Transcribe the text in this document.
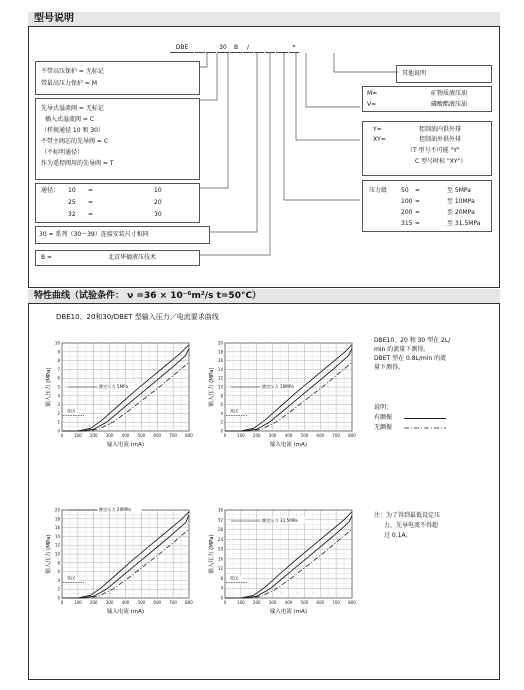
型号说明
DBE	30	B	/	*
不带高压保护 = 无标记
带最高压力保护 = M
先导式溢流阀 = 无标记
插入式溢流阀 = C
（样规通径 10 和 30）
不带主阀芯的先导阀 = C
（不标明通径）
作为遥控阀用的先导阀 = T
通径： 10 =	10
25 =	20
32 =	30
30 = 系列（30～39）连接安装尺寸相同
B =	北京华德液压技术
其他说明
M=	矿物质液压油
V=	磷酸酯液压油
Y=	控制油内供外排
XY=	控制油外供外排
（T 型号不可能 "Y"
C 型号时标 "XY"）
压力级 50 =	至 5MPa
100 =	至 10MPa
200 =	至 20MPa
315 =	至 31.5MPa
特性曲线（试验条件： ν =36 × 10⁻⁶m²/s t=50°C）
DBE10、20和30/DBET 型输入压力／电流要求曲线
0	100 200 300 400 500 600 700 800
0
1
2
3
4
5
6
7
8
9
10
额定压力 5MPa
死区
输入电流 (mA)
输入压力 (MPa)
0	100 200 300 400 500 600 700 800
0
2
4
6
8
10
12
14
16
18
20
额定压力 10MPa
死区
输入电流 (mA)
输入压力 (MPa)
0	100 200 300 400 500 600 700 800
0
2
4
6
8
10
12
14
16
18
20	额定压力 20MPa
死区
输入电流 (mA)
输入压力 (MPa)
0	100 200 300 400 500 600 700 800
0
4
8
12
16
20
24
28
32
36
额定压力 31.5MPa
死区
输入电流 (mA)
输入压力 (MPa)
DBE10、20 和 30 型在 2L/
min 的流量下测得。
DBET 型在 0.8L/min 的流
量下测得。
说明：
有颤振
无颤振
注：为了得到最低设定压
力，先导电流不得超
过 0.1A。
